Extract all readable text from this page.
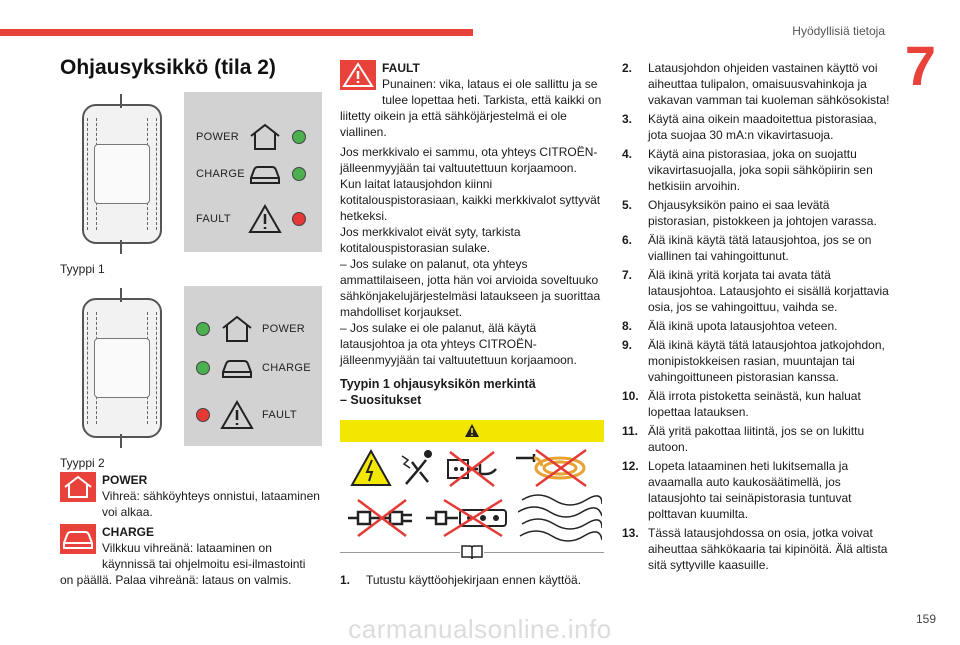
Hyödyllisiä tietoja
7
Ohjausyksikkö (tila 2)
POWER
CHARGE
FAULT
Tyyppi 1
POWER
CHARGE
FAULT
Tyyppi 2
POWER
Vihreä: sähköyhteys onnistui, lataaminen voi alkaa.
CHARGE
Vilkkuu vihreänä: lataaminen on käynnissä tai ohjelmoitu esi-ilmastointi on päällä. Palaa vihreänä: lataus on valmis.
FAULT
Punainen: vika, lataus ei ole sallittu ja se tulee lopettaa heti. Tarkista, että kaikki on liitetty oikein ja että sähköjärjestelmä ei ole viallinen.

Jos merkkivalo ei sammu, ota yhteys CITROËN-jälleenmyyjään tai valtuutettuun korjaamoon.

Kun laitat latausjohdon kiinni kotitalouspistorasiaan, kaikki merkkivalot syttyvät hetkeksi.

Jos merkkivalot eivät syty, tarkista kotitalouspistorasian sulake.

– Jos sulake on palanut, ota yhteys ammattilaiseen, jotta hän voi arvioida soveltuuko sähkönjakelujärjestelmäsi lataukseen ja suorittaa mahdolliset korjaukset.

– Jos sulake ei ole palanut, älä käytä latausjohtoa ja ota yhteys CITROËN-jälleenmyyjään tai valtuutettuun korjaamoon.

Tyypin 1 ohjausyksikön merkintä
– Suositukset
1. Tutustu käyttöohjekirjaan ennen käyttöä.
2. Latausjohdon ohjeiden vastainen käyttö voi aiheuttaa tulipalon, omaisuusvahinkoja ja vakavan vamman tai kuoleman sähkösokista!
3. Käytä aina oikein maadoitettua pistorasiaa, jota suojaa 30 mA:n vikavirtasuoja.
4. Käytä aina pistorasiaa, joka on suojattu vikavirtasuojalla, joka sopii sähköpiirin sen hetkisiin arvoihin.
5. Ohjausyksikön paino ei saa levätä pistorasian, pistokkeen ja johtojen varassa.
6. Älä ikinä käytä tätä latausjohtoa, jos se on viallinen tai vahingoittunut.
7. Älä ikinä yritä korjata tai avata tätä latausjohtoa. Latausjohto ei sisällä korjattavia osia, jos se vahingoittuu, vaihda se.
8. Älä ikinä upota latausjohtoa veteen.
9. Älä ikinä käytä tätä latausjohtoa jatkojohdon, monipistokkeisen rasian, muuntajan tai vahingoittuneen pistorasian kanssa.
10. Älä irrota pistoketta seinästä, kun haluat lopettaa latauksen.
11. Älä yritä pakottaa liitintä, jos se on lukittu autoon.
12. Lopeta lataaminen heti lukitsemalla ja avaamalla auto kaukosäätimellä, jos latausjohto tai seinäpistorasia tuntuvat polttavan kuumilta.
13. Tässä latausjohdossa on osia, jotka voivat aiheuttaa sähkökaaria tai kipinöitä. Älä altista sitä syttyville kaasuille.
carmanualsonline.info	159
